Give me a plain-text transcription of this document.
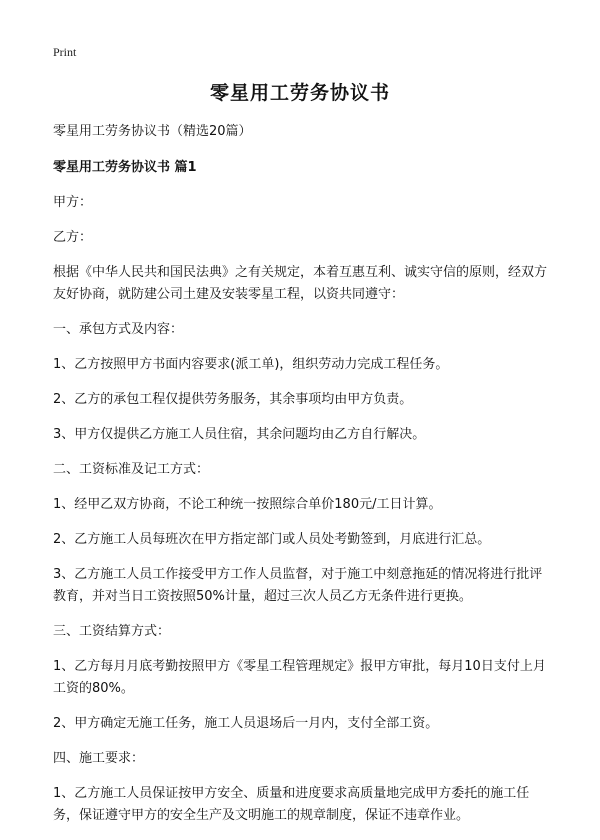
Print
零星用工劳务协议书

零星用工劳务协议书（精选20篇）

零星用工劳务协议书 篇1

甲方：

乙方：

根据《中华人民共和国民法典》之有关规定，本着互惠互利、诚实守信的原则，经双方友好协商，就防建公司土建及安装零星工程，以资共同遵守：

一、承包方式及内容：

1、乙方按照甲方书面内容要求(派工单)，组织劳动力完成工程任务。

2、乙方的承包工程仅提供劳务服务，其余事项均由甲方负责。

3、甲方仅提供乙方施工人员住宿，其余问题均由乙方自行解决。

二、工资标准及记工方式：

1、经甲乙双方协商，不论工种统一按照综合单价180元/工日计算。

2、乙方施工人员每班次在甲方指定部门或人员处考勤签到，月底进行汇总。

3、乙方施工人员工作接受甲方工作人员监督，对于施工中刻意拖延的情况将进行批评教育，并对当日工资按照50%计量，超过三次人员乙方无条件进行更换。

三、工资结算方式：

1、乙方每月月底考勤按照甲方《零星工程管理规定》报甲方审批，每月10日支付上月工资的80%。

2、甲方确定无施工任务，施工人员退场后一月内，支付全部工资。

四、施工要求：

1、乙方施工人员保证按甲方安全、质量和进度要求高质量地完成甲方委托的施工任务，保证遵守甲方的安全生产及文明施工的规章制度，保证不违章作业。
